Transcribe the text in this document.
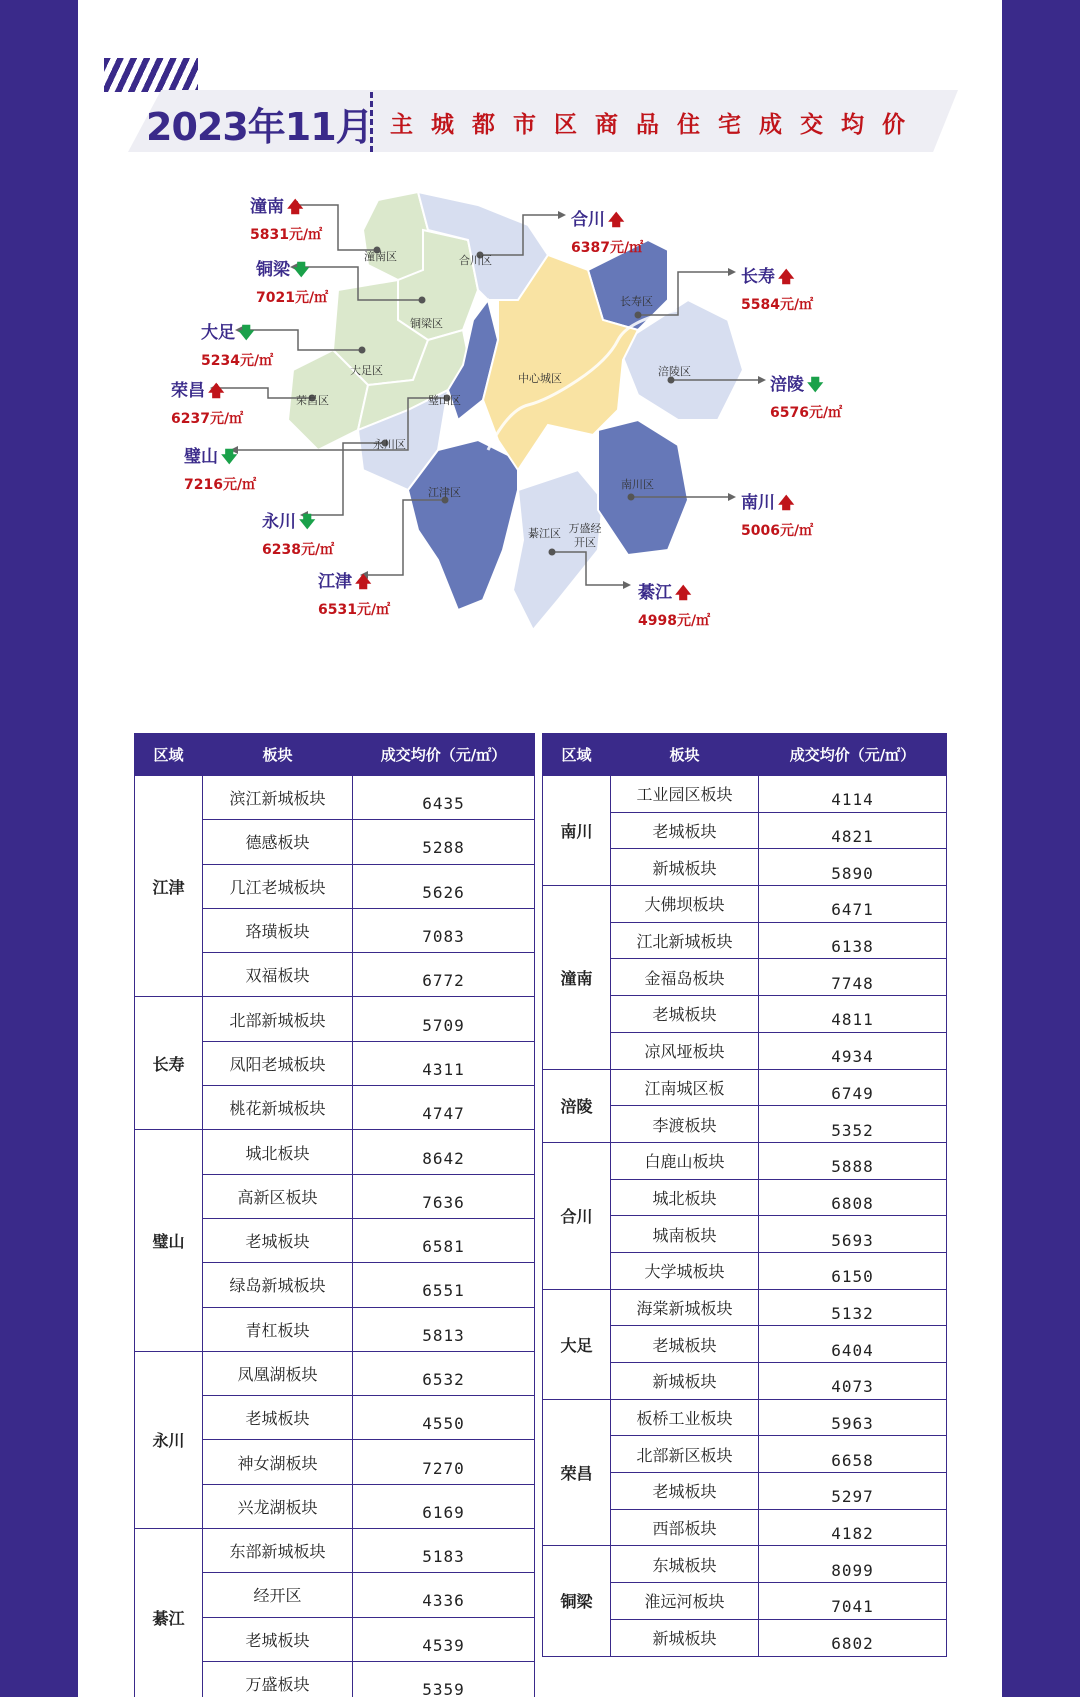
2023年11月 主城都市区商品住宅成交均价
潼南区	合川区
铜梁区
长寿区
大足区
中心城区
涪陵区
荣昌区	璧山区
永川区
江津区
南川区
綦江区 万盛经开区
潼南 🡅
5831元/㎡
铜梁 🡇
7021元/㎡
大足 🡇
5234元/㎡
荣昌 🡅
6237元/㎡
璧山 🡇
7216元/㎡
永川 🡇
6238元/㎡
江津 🡅
6531元/㎡
合川 🡅
6387元/㎡
长寿 🡅
5584元/㎡
涪陵 🡇
6576元/㎡
南川 🡅
5006元/㎡
綦江 🡅
4998元/㎡
区域	板块	成交均价（元/㎡）
江津	滨江新城板块	6435
	德感板块	5288
	几江老城板块	5626
	珞璜板块	7083
	双福板块	6772
长寿	北部新城板块	5709
	凤阳老城板块	4311
	桃花新城板块	4747
璧山	城北板块	8642
	高新区板块	7636
	老城板块	6581
	绿岛新城板块	6551
	青杠板块	5813
永川	凤凰湖板块	6532
	老城板块	4550
	神女湖板块	7270
	兴龙湖板块	6169
綦江	东部新城板块	5183
	经开区	4336
	老城板块	4539
	万盛板块	5359
区域	板块	成交均价（元/㎡）
南川	工业园区板块	4114
	老城板块	4821
	新城板块	5890
潼南	大佛坝板块	6471
	江北新城板块	6138
	金福岛板块	7748
	老城板块	4811
	凉风垭板块	4934
涪陵	江南城区板	6749
	李渡板块	5352
合川	白鹿山板块	5888
	城北板块	6808
	城南板块	5693
	大学城板块	6150
大足	海棠新城板块	5132
	老城板块	6404
	新城板块	4073
荣昌	板桥工业板块	5963
	北部新区板块	6658
	老城板块	5297
	西部板块	4182
铜梁	东城板块	8099
	淮远河板块	7041
	新城板块	6802
